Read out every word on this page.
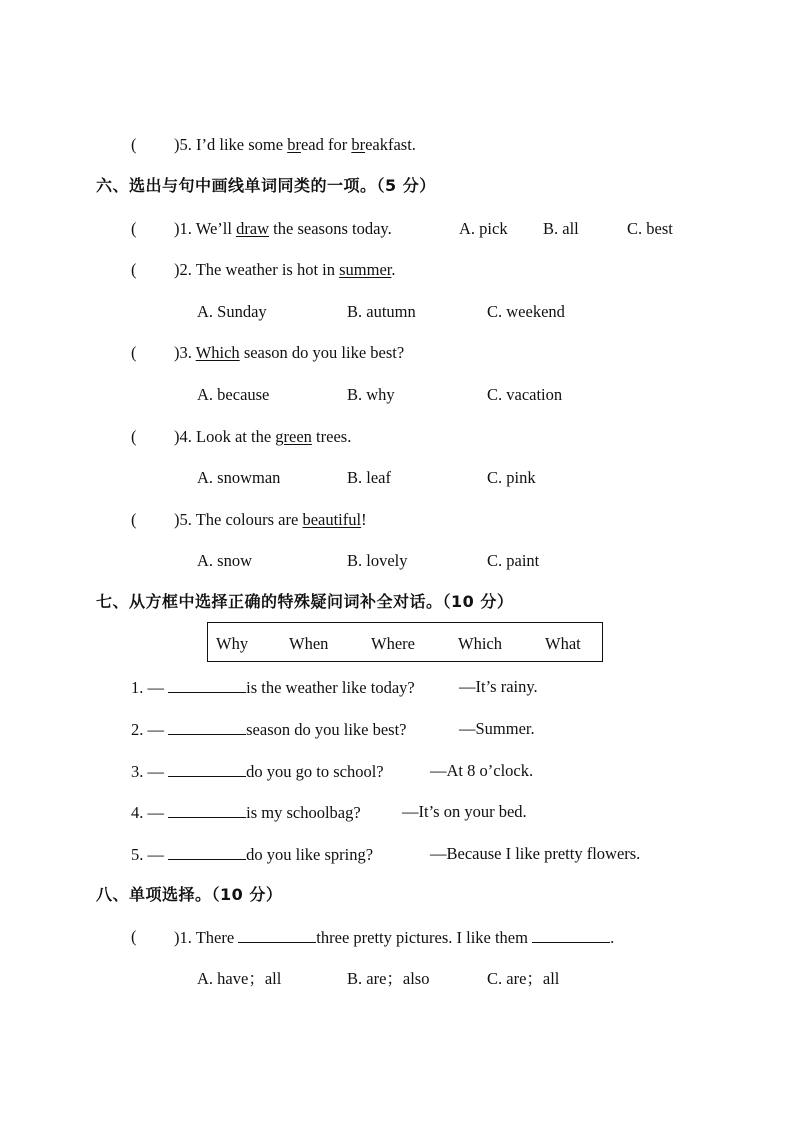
( )5. I’d like some bread for breakfast.
六、选出与句中画线单词同类的一项。（5 分）
( )1. We’ll draw the seasons today.	A. pick B. all	C. best
( )2. The weather is hot in summer.
A. Sunday	B. autumn	C. weekend
( )3. Which season do you like best?
A. because	B. why	C. vacation
( )4. Look at the green trees.
A. snowman	B. leaf	C. pink
( )5. The colours are beautiful!
A. snow	B. lovely	C. paint
七、从方框中选择正确的特殊疑问词补全对话。（10 分）
Why When	Where	Which	What
1. —	is the weather like today?	—It’s rainy.
2. —	season do you like best?	—Summer.
3. —	do you go to school?	—At 8 o’clock.
4. —	is my schoolbag?	—It’s on your bed.
5. —	do you like spring?	—Because I like pretty flowers.
八、单项选择。（10 分）
( )1. There	three pretty pictures. I like them	.
A. have；all	B. are；also	C. are；all
